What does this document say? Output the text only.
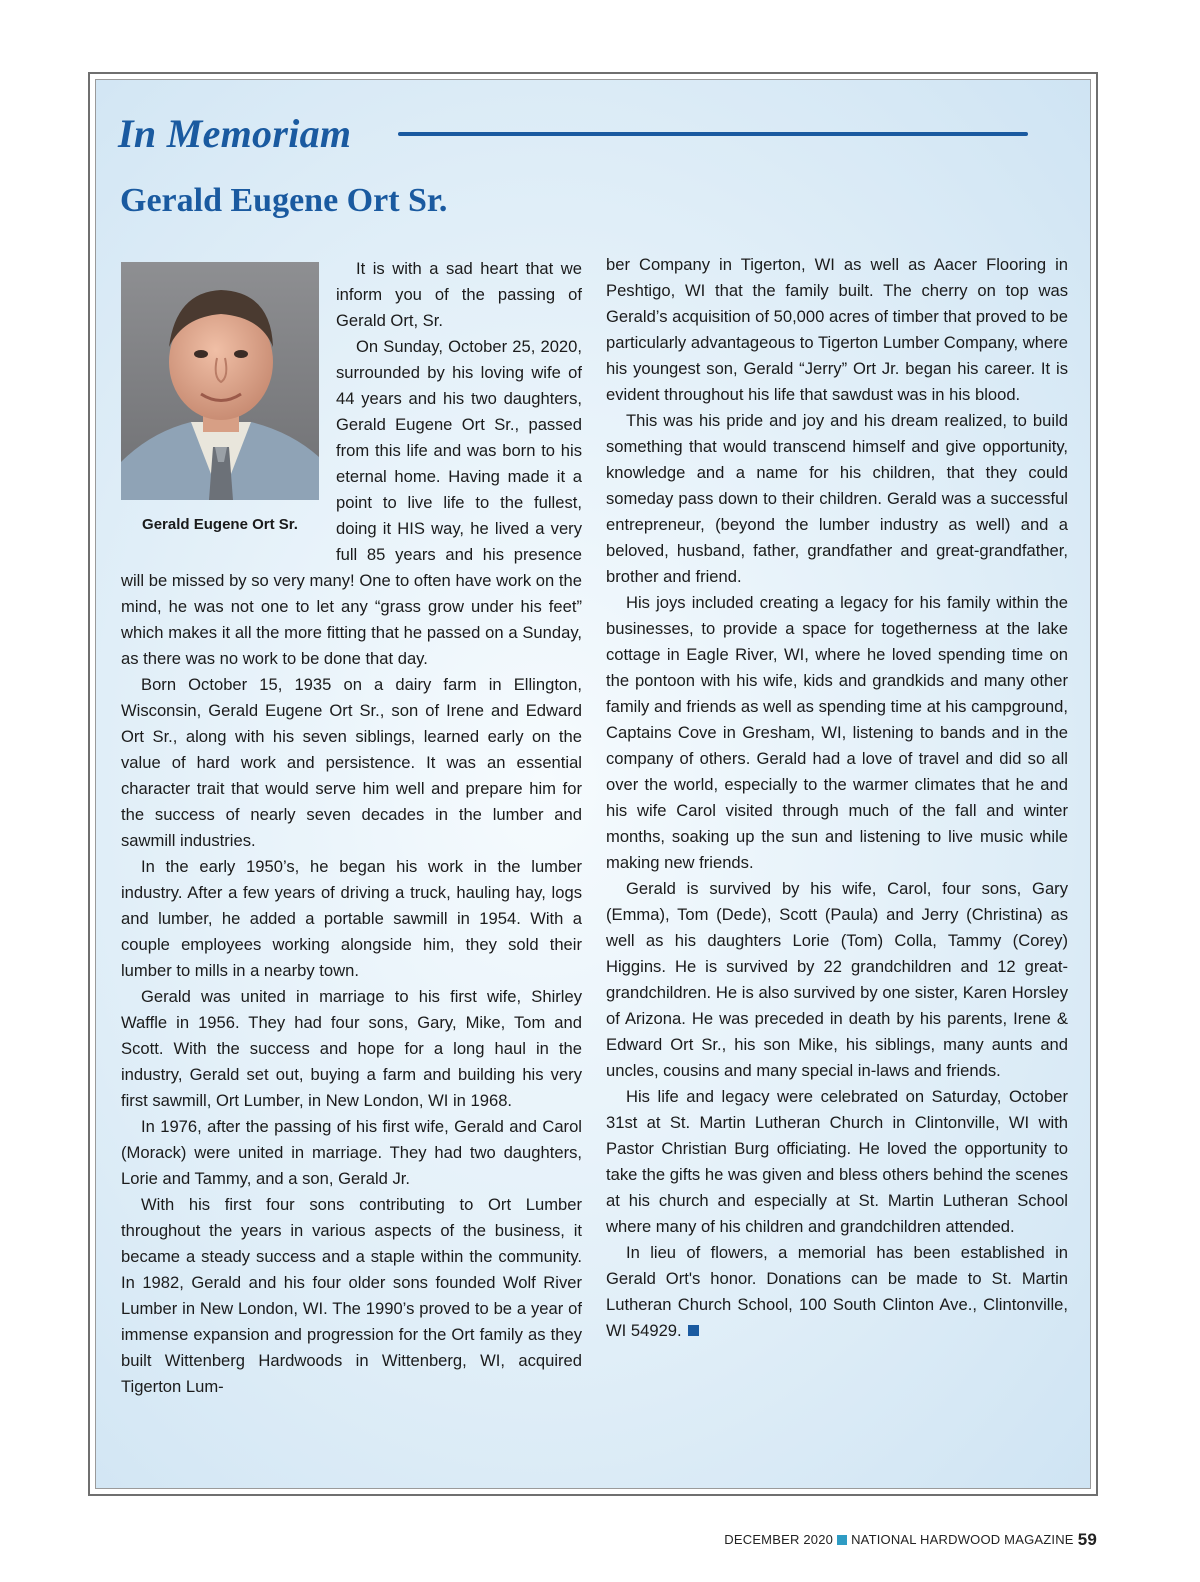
In Memoriam
Gerald Eugene Ort Sr.
Gerald Eugene Ort Sr.

It is with a sad heart that we inform you of the passing of Gerald Ort, Sr.

On Sunday, October 25, 2020, surrounded by his loving wife of 44 years and his two daughters, Gerald Eugene Ort Sr., passed from this life and was born to his eternal home. Having made it a point to live life to the fullest, doing it HIS way, he lived a very full 85 years and his presence will be missed by so very many! One to often have work on the mind, he was not one to let any “grass grow under his feet” which makes it all the more fitting that he passed on a Sunday, as there was no work to be done that day.

Born October 15, 1935 on a dairy farm in Ellington, Wisconsin, Gerald Eugene Ort Sr., son of Irene and Edward Ort Sr., along with his seven siblings, learned early on the value of hard work and persistence. It was an essential character trait that would serve him well and prepare him for the success of nearly seven decades in the lumber and sawmill industries.

In the early 1950’s, he began his work in the lumber industry. After a few years of driving a truck, hauling hay, logs and lumber, he added a portable sawmill in 1954. With a couple employees working alongside him, they sold their lumber to mills in a nearby town.

Gerald was united in marriage to his first wife, Shirley Waffle in 1956. They had four sons, Gary, Mike, Tom and Scott. With the success and hope for a long haul in the industry, Gerald set out, buying a farm and building his very first sawmill, Ort Lumber, in New London, WI in 1968.

In 1976, after the passing of his first wife, Gerald and Carol (Morack) were united in marriage. They had two daughters, Lorie and Tammy, and a son, Gerald Jr.

With his first four sons contributing to Ort Lumber throughout the years in various aspects of the business, it became a steady success and a staple within the community. In 1982, Gerald and his four older sons founded Wolf River Lumber in New London, WI. The 1990’s proved to be a year of immense expansion and progression for the Ort family as they built Wittenberg Hardwoods in Wittenberg, WI, acquired Tigerton Lum-

ber Company in Tigerton, WI as well as Aacer Flooring in Peshtigo, WI that the family built. The cherry on top was Gerald’s acquisition of 50,000 acres of timber that proved to be particularly advantageous to Tigerton Lumber Company, where his youngest son, Gerald “Jerry” Ort Jr. began his career. It is evident throughout his life that sawdust was in his blood.

This was his pride and joy and his dream realized, to build something that would transcend himself and give opportunity, knowledge and a name for his children, that they could someday pass down to their children. Gerald was a successful entrepreneur, (beyond the lumber industry as well) and a beloved, husband, father, grandfather and great-grandfather, brother and friend.

His joys included creating a legacy for his family within the businesses, to provide a space for togetherness at the lake cottage in Eagle River, WI, where he loved spending time on the pontoon with his wife, kids and grandkids and many other family and friends as well as spending time at his campground, Captains Cove in Gresham, WI, listening to bands and in the company of others. Gerald had a love of travel and did so all over the world, especially to the warmer climates that he and his wife Carol visited through much of the fall and winter months, soaking up the sun and listening to live music while making new friends.

Gerald is survived by his wife, Carol, four sons, Gary (Emma), Tom (Dede), Scott (Paula) and Jerry (Christina) as well as his daughters Lorie (Tom) Colla, Tammy (Corey) Higgins. He is survived by 22 grandchildren and 12 great-grandchildren. He is also survived by one sister, Karen Horsley of Arizona. He was preceded in death by his parents, Irene & Edward Ort Sr., his son Mike, his siblings, many aunts and uncles, cousins and many special in-laws and friends.

His life and legacy were celebrated on Saturday, October 31st at St. Martin Lutheran Church in Clintonville, WI with Pastor Christian Burg officiating. He loved the opportunity to take the gifts he was given and bless others behind the scenes at his church and especially at St. Martin Lutheran School where many of his children and grandchildren attended.

In lieu of flowers, a memorial has been established in Gerald Ort's honor. Donations can be made to St. Martin Lutheran Church School, 100 South Clinton Ave., Clintonville, WI 54929.

DECEMBER 2020 NATIONAL HARDWOOD MAGAZINE 59
